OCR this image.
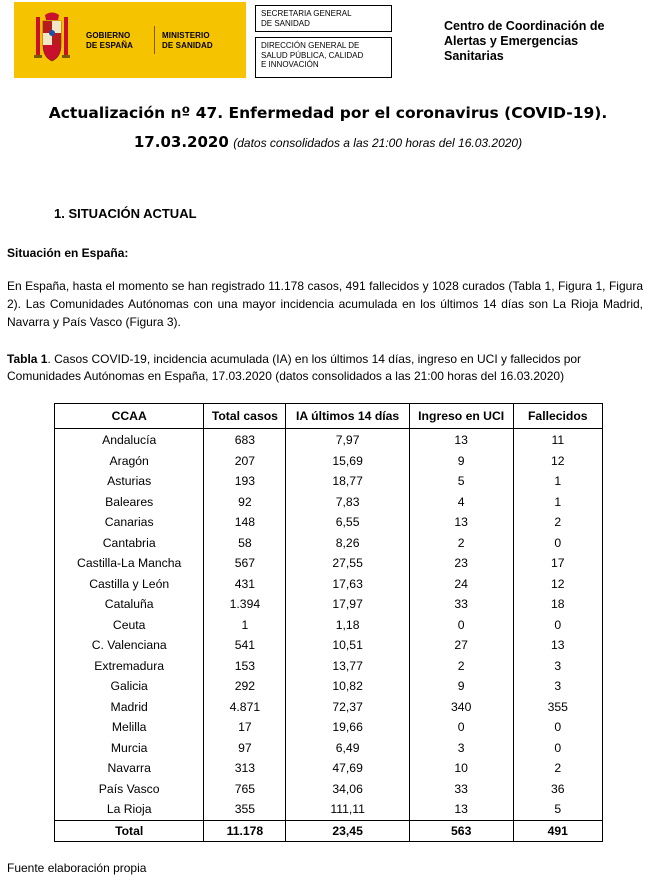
GOBIERNO
DE ESPAÑA
MINISTERIO
DE SANIDAD
SECRETARIA GENERAL
DE SANIDAD
DIRECCIÓN GENERAL DE
SALUD PÚBLICA, CALIDAD
E INNOVACIÓN
Centro de Coordinación de
Alertas y Emergencias
Sanitarias
Actualización nº 47. Enfermedad por el coronavirus (COVID-19).
17.03.2020 (datos consolidados a las 21:00 horas del 16.03.2020)
1. SITUACIÓN ACTUAL
Situación en España:
En España, hasta el momento se han registrado 11.178 casos, 491 fallecidos y 1028 curados (Tabla 1, Figura 1, Figura 2). Las Comunidades Autónomas con una mayor incidencia acumulada en los últimos 14 días son La Rioja Madrid, Navarra y País Vasco (Figura 3).
Tabla 1. Casos COVID-19, incidencia acumulada (IA) en los últimos 14 días, ingreso en UCI y fallecidos por Comunidades Autónomas en España, 17.03.2020 (datos consolidados a las 21:00 horas del 16.03.2020)
CCAA	Total casos	IA últimos 14 días	Ingreso en UCI	Fallecidos
Andalucía	683	7,97	13	11
Aragón	207	15,69	9	12
Asturias	193	18,77	5	1
Baleares	92	7,83	4	1
Canarias	148	6,55	13	2
Cantabria	58	8,26	2	0
Castilla-La Mancha	567	27,55	23	17
Castilla y León	431	17,63	24	12
Cataluña	1.394	17,97	33	18
Ceuta	1	1,18	0	0
C. Valenciana	541	10,51	27	13
Extremadura	153	13,77	2	3
Galicia	292	10,82	9	3
Madrid	4.871	72,37	340	355
Melilla	17	19,66	0	0
Murcia	97	6,49	3	0
Navarra	313	47,69	10	2
País Vasco	765	34,06	33	36
La Rioja	355	111,11	13	5
Total	11.178	23,45	563	491
Fuente elaboración propia
